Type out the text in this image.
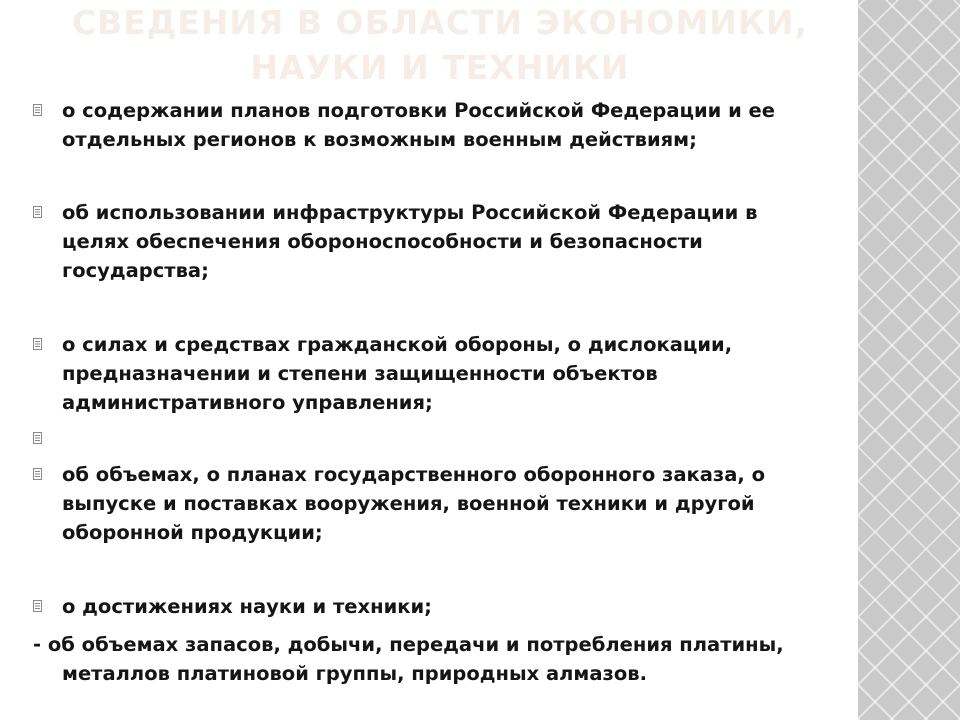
СВЕДЕНИЯ В ОБЛАСТИ ЭКОНОМИКИ, НАУКИ И ТЕХНИКИ
о содержании планов подготовки Российской Федерации и ее отдельных регионов к возможным военным действиям;
об использовании инфраструктуры Российской Федерации в целях обеспечения обороноспособности и безопасности государства;
о силах и средствах гражданской обороны, о дислокации, предназначении и степени защищенности объектов административного управления;
об объемах, о планах государственного оборонного заказа, о выпуске и поставках вооружения, военной техники и другой оборонной продукции;
о достижениях науки и техники;
- об объемах запасов, добычи, передачи и потребления платины,
металлов платиновой группы, природных алмазов.
